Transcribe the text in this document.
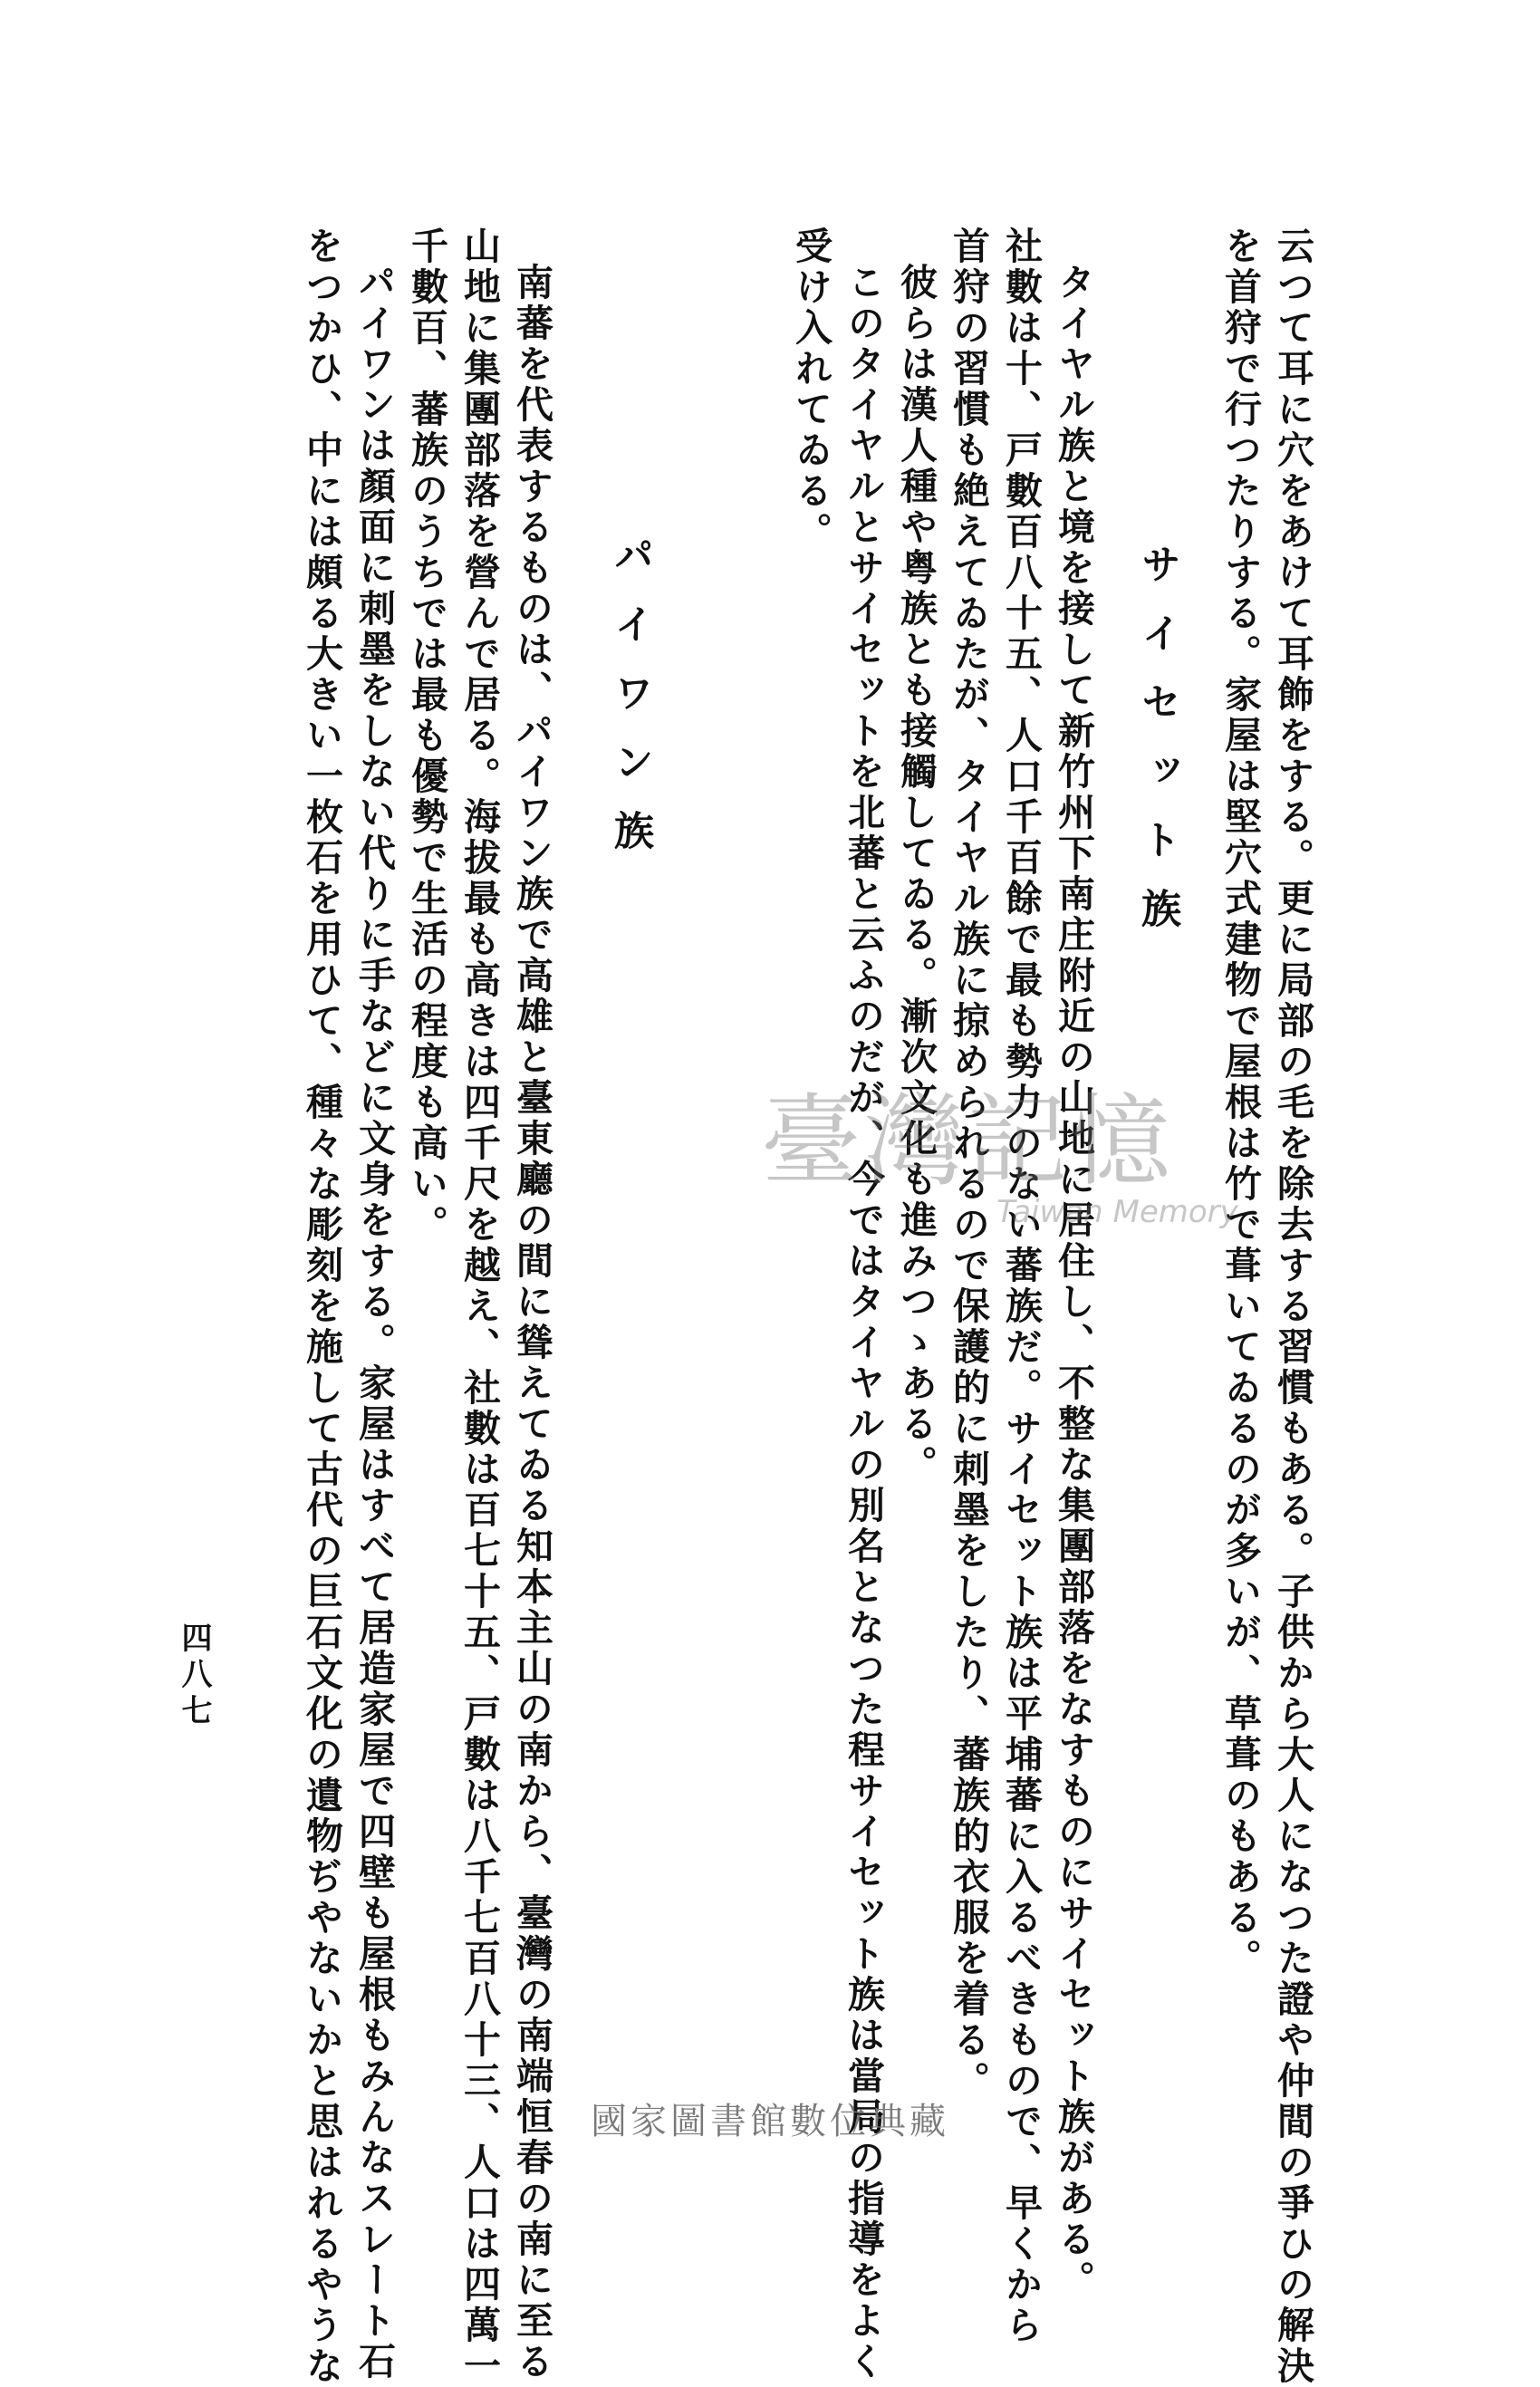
云つて耳に穴をあけて耳飾をする。更に局部の毛を除去する習慣もある。子供から大人になつた證や仲間の爭ひの解決
を首狩で行つたりする。家屋は堅穴式建物で屋根は竹で葺いてゐるのが多いが、草葺のもある。
サイセット族
タイヤル族と境を接して新竹州下南庄附近の山地に居住し、不整な集團部落をなすものにサイセット族がある。
社數は十、戸數百八十五、人口千百餘で最も勢力のない蕃族だ。サイセット族は平埔蕃に入るべきもので、早くから
首狩の習慣も絶えてゐたが、タイヤル族に掠められるので保護的に刺墨をしたり、蕃族的衣服を着る。
彼らは漢人種や粤族とも接觸してゐる。漸次文化も進みつゝある。
このタイヤルとサイセットを北蕃と云ふのだが、今ではタイヤルの別名となつた程サイセット族は當局の指導をよく
受け入れてゐる。
パイワン族
南蕃を代表するものは、パイワン族で高雄と臺東廳の間に聳えてゐる知本主山の南から、臺灣の南端恒春の南に至る
山地に集團部落を營んで居る。海拔最も高きは四千尺を越え、社數は百七十五、戸數は八千七百八十三、人口は四萬一
千數百、蕃族のうちでは最も優勢で生活の程度も高い。
パイワンは顏面に刺墨をしない代りに手などに文身をする。家屋はすべて居造家屋で四壁も屋根もみんなスレート石
をつかひ、中には頗る大きい一枚石を用ひて、種々な彫刻を施して古代の巨石文化の遺物ぢやないかと思はれるやうな
四八七
臺灣記憶
Taiwan Memory
國家圖書館數位典藏
